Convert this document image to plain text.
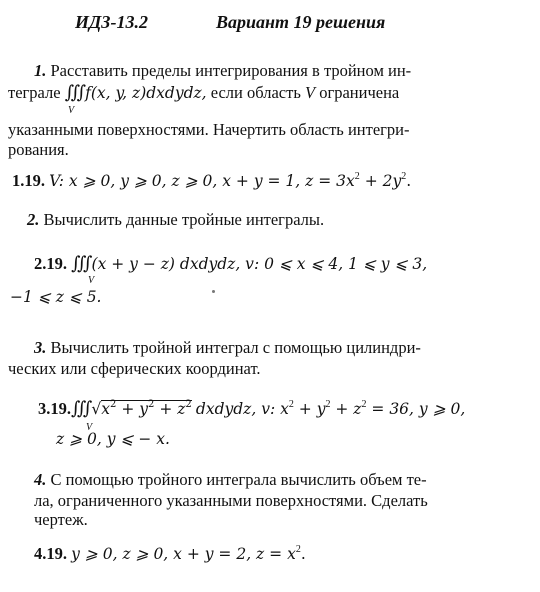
ИДЗ-13.2	Вариант 19 решения
1. Расставить пределы интегрирования в тройном ин-
теграле ∭ f(x, y, z)dxdydz, если область V ограничена
V
указанными поверхностями. Начертить область интегри-
рования.
1.19. V: x ⩾ 0, y ⩾ 0, z ⩾ 0, x + y = 1, $z = 3x^2 + 2y^2$.
2. Вычислить данные тройные интегралы.
2.19. ∭ (x + y − z) dxdydz, v: 0 ⩽ x ⩽ 4, 1 ⩽ y ⩽ 3,
V
−1 ⩽ z ⩽ 5.
3. Вычислить тройной интеграл с помощью цилиндри-
ческих или сферических координат.
3.19.∭ $√x^2 + y^2 + z^2$ dxdydz, v: $x^2 + y^2 + z^2 = 36$, y ⩾ 0,
V
z ⩾ 0, y ⩽ − x.
4. С помощью тройного интеграла вычислить объем те-
ла, ограниченного указанными поверхностями. Сделать
чертеж.
4.19. y ⩾ 0, z ⩾ 0, x + y = 2, $z = x^2$.
